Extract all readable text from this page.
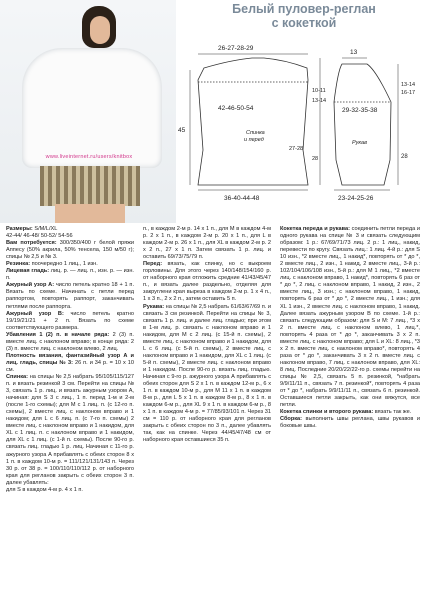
www.liveinternet.ru/users/knitbox
Белый пуловер-реглан
с кокеткой
26-27-28-29
45
42-46-50-54
10-11
13-14
27-28
28
Спинка
и перед
36-40-44-48
13
13-14
16-17
29-32-35-38
Рукав
28
23-24-25-26

Размеры: S/M/L/XL

42-44/ 46-48/ 50-52/ 54-56

Вам потребуется: 300/350/400 г белой пряжи Аппесу (50% акрила, 50% тенсела, 150 м/50 г); спицы № 2,5 и № 3.

Резинка: поочередно 1 лиц., 1 изн.

Лицевая гладь: лиц. р. — лиц. п., изн. р. — изн. п.

Ажурный узор А: число петель кратно 18 + 1 п. Вязать по схеме. Начинать с петли перед раппортом, повторять раппорт, заканчивать петлями после раппорта.

Ажурный узор В: число петель кратно 19/19/21/21 + 2 п. Вязать по схеме соответствующего размера.

Убавления 1 (2) п. в начале ряда: 2 (3) п. вместе лиц. с наклоном вправо; в конце ряда: 2 (3) п. вместе лиц. с наклоном влево, 2 лиц.

Плотность вязания, фантазийный узор А и лиц. гладь, спицы № 3: 26 п. и 34 р. = 10 х 10 см.

Спинка: на спицы № 2,5 набрать 95/105/115/127 п. и вязать резинкой 3 см. Перейти на спицы № 3, связать 1 р. лиц. и вязать ажурным узором А, начиная: для S 3 с лиц., 1 п. перед 1-м и 2-м (после 1-го схемы); для М с 1 лиц. п. (с 12-го п. схемы), 2 вместе лиц. с наклоном вправо и 1 накидом; для L с 6 лиц. п. (с 7-го п. схемы) 2 вместе лиц. с наклоном вправо и 1 накидом, для XL с 1 лиц. п. с наклоном вправо и 1 накидом, для XL с 1 лиц. (с 1-й п. схемы). После 90-го р. связать лиц. гладью 1 р. лиц. Начиная с 11-го р. ажурного узора А прибавлять с обеих сторон 8 х 1 п. в каждом 10-м р. = 111/121/131/143 п. Через 30 р. от 38 р. = 100/110/110/112 р. от наборного края для регланов закрыть с обеих сторон 3 п. далее убавлять:

для S в каждом 4-м р. 4 х 1 п.

п., в каждом 2-м р. 14 х 1 п., для М в каждом 4-м р. 2 х 1 п., в каждом 2-м р. 20 х 1 п., для L в каждом 2-м р. 26 х 1 п., для XL в каждом 2-м р. 2 х 2 п., 27 х 1 п. Затем связать 1 р. лиц. и оставить 69/73/75/79 п.

Перед: вязать, как спинку, но с выкроем горловины. Для этого через 140/148/154/160 р. от наборного края отложить средние 41/43/45/47 п., и вязать далее раздельно, отделяя для закруглени края выреза в каждом 2-м р. 1 х 4 п., 1 х 3 п., 2 х 2 п., затем оставить 5 п.

Рукава: на спицы № 2,5 набрать 61/63/67/69 п. и связать 3 см резинкой. Перейти на спицы № 3, связать 1 р. лиц. и далее лиц. гладью; при этом в 1-м лиц. р. связать с наклоном вправо и 1 накидом, для М с 2 лиц. (с 15-й п. схемы), 2 вместе лиц. с наклоном вправо и 1 накидом, для L с 6 лиц. (с 5-й п. схемы), 2 вместе лиц. с наклоном вправо и 1 накидом, для XL с 1 лиц. (с 5-й п. схемы), 2 вместе лиц. с наклоном вправо и 1 накидом. После 90-го р. вязать лиц. гладью. Начиная с 9-го р. ажурного узора А прибавлять с обеих сторон для S 2 х 1 п. в каждом 12-м р., 6 х 1 п. в каждом 10-м р., для M 11 х 1 п. в каждом 8-м р., для L 5 х 1 п. в каждом 8-м р., 8 х 1 п. в каждом 6-м р., для XL 9 х 1 п. в каждом 6-м р., 8 х 1 п. в каждом 4-м р. = 77/85/93/101 п. Через 31 см = 110 р. от наборного края для регланов закрыть с обеих сторон по 3 п., далее убавлять так, как на спинке. Через 44/45/47/48 см от наборного края оставшиеся 35 п.

Кокетка переда и рукава: соединить петли переда и одного рукава на спице № 3 и связать следующим образом: 1 р.: 67/69/71/73 лиц. 2 р.: 1 лиц., накид, перевести по кругу. Связать лиц.: 1 лиц. 4-й р.: для S 10 изн., *2 вместе лиц., 1 накид*, повторять от * до *, 2 вместе лиц., 2 изн., 1 накид, 2 вместе лиц., 3-й р.: 102/104/106/108 изн., 5-й р.: для М 1 лиц., *2 вместе лиц. с наклоном вправо, 1 накид*, повторять 6 раз от * до *, 2 лиц. с наклоном вправо, 1 накид, 2 изн., 2 вместе лиц., 3 изн.; с наклоном вправо, 1 накид, повторять 6 раз от * до *, 2 вместе лиц., 1 изн.; для XL 1 изн., 2 вместе лиц. с наклоном вправо, 1 накид. Далее вязать ажурным узором В по схеме. 1-й р.: связать следующим образом: для S и M: 7 лиц., *3 х 2 п. вместе лиц. с наклоном влево, 1 лиц.*, повторять 4 раза от * до *, заканчивать 3 х 2 п. вместе лиц. с наклоном вправо; для L и XL: 8 лиц., *3 х 2 п. вместе лиц. с наклоном вправо*, повторять 4 раза от * до *, заканчивать 3 х 2 п. вместе лиц. с наклоном вправо, 7 лиц. с наклоном вправо, для XL: 8 лиц. Последние 20/20/22/22-го р. схемы перейти на спицы № 2,5, связать 5 п. резинкой, *набрать 9/9/11/11 п., связать 7 п. резинкой*, повторять 4 раза от * до *, набрать 9/9/11/11 п., связать 6 п. резинкой. Оставшиеся петли закрыть, как они вяжутся, все петли.

Кокетка спинки и второго рукава: вязать так же.

Сборка: выполнить швы реглана, швы рукавов и боковые швы.
